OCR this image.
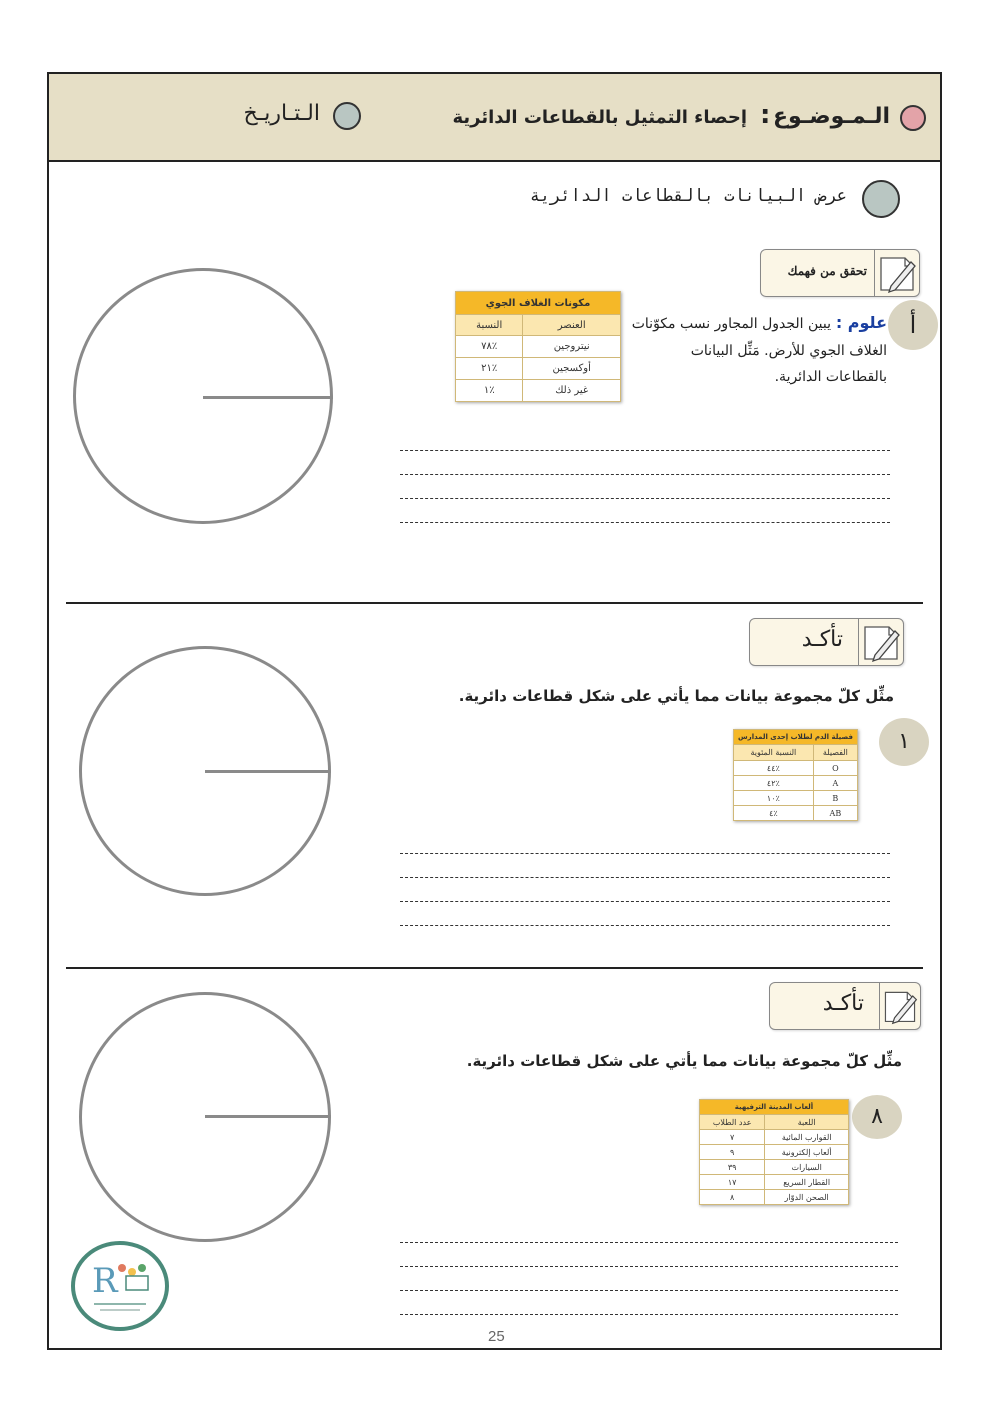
الـمـوضـوع
:
إحصاء التمثيل بالقطاعات الدائرية
الـتـاريـخ
عرض البيانات بالقطاعات الدائرية
تحقق من فهمك
أ
علوم : يبين الجدول المجاور نسب مكوّنات
الغلاف الجوي للأرض. مَثِّل البيانات
بالقطاعات الدائرية.
مكونات الغلاف الجوي	
العنصر	النسبة
نيتروجين	٪٧٨
أوكسجين	٪٢١
غير ذلك	٪١
تأكـد
مثِّل كلّ مجموعة بيانات مما يأتي على شكل قطاعات دائرية.
١
فصيلة الدم لطلاب إحدى المدارس	
الفصيلة	النسبة المئوية
O	٪٤٤
A	٪٤٢
B	٪١٠
AB	٪٤
تأكـد
مثِّل كلّ مجموعة بيانات مما يأتي على شكل قطاعات دائرية.
٨
ألعاب المدينة الترفيهية	
اللعبة	عدد الطلاب
القوارب المائية	٧
ألعاب إلكترونية	٩
السيارات	٣٩
القطار السريع	١٧
الصحن الدوّار	٨
R
25
